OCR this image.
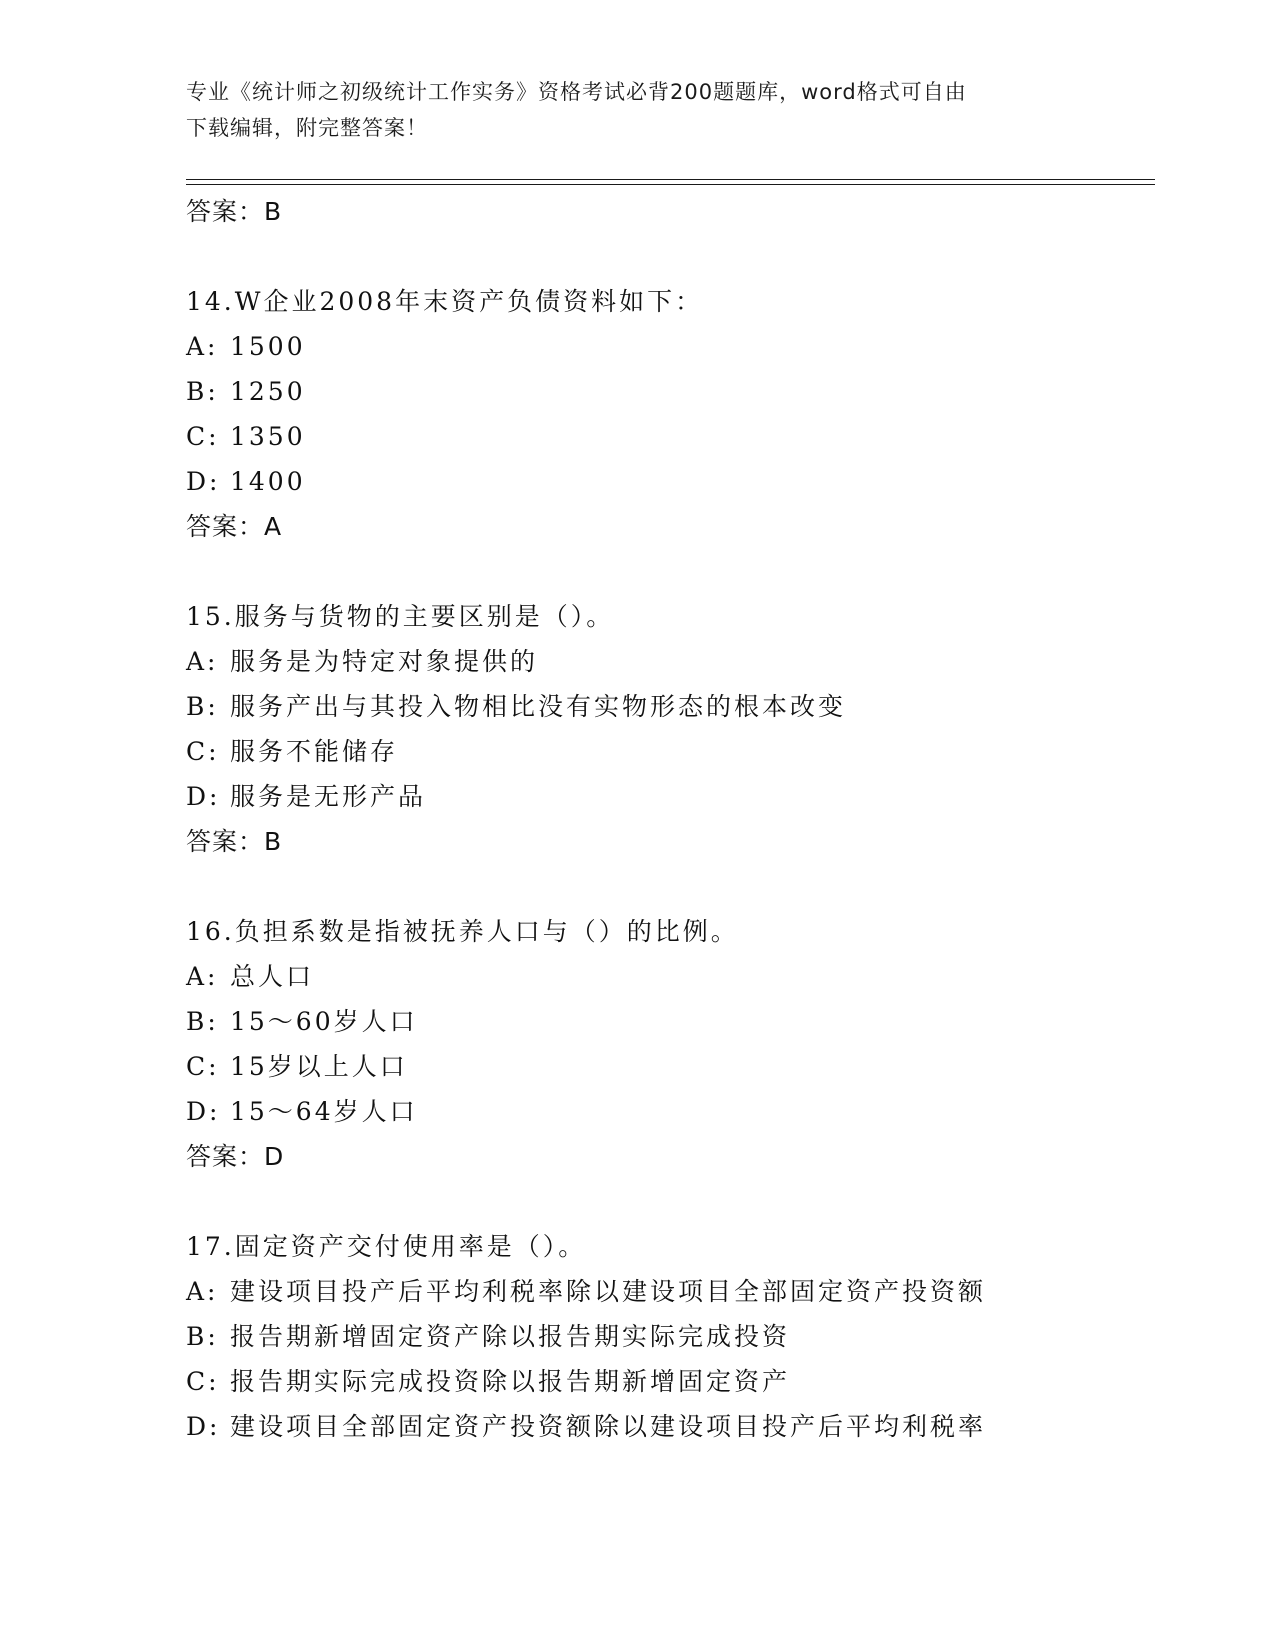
专业《统计师之初级统计工作实务》资格考试必背200题题库，word格式可自由
下载编辑，附完整答案！
答案：B
14.W企业2008年末资产负债资料如下：
A: 1500
B: 1250
C: 1350
D: 1400
答案：A
15.服务与货物的主要区别是（）。
A: 服务是为特定对象提供的
B: 服务产出与其投入物相比没有实物形态的根本改变
C: 服务不能储存
D: 服务是无形产品
答案：B
16.负担系数是指被抚养人口与（）的比例。
A: 总人口
B: 15～60岁人口
C: 15岁以上人口
D: 15～64岁人口
答案：D
17.固定资产交付使用率是（）。
A: 建设项目投产后平均利税率除以建设项目全部固定资产投资额
B: 报告期新增固定资产除以报告期实际完成投资
C: 报告期实际完成投资除以报告期新增固定资产
D: 建设项目全部固定资产投资额除以建设项目投产后平均利税率
